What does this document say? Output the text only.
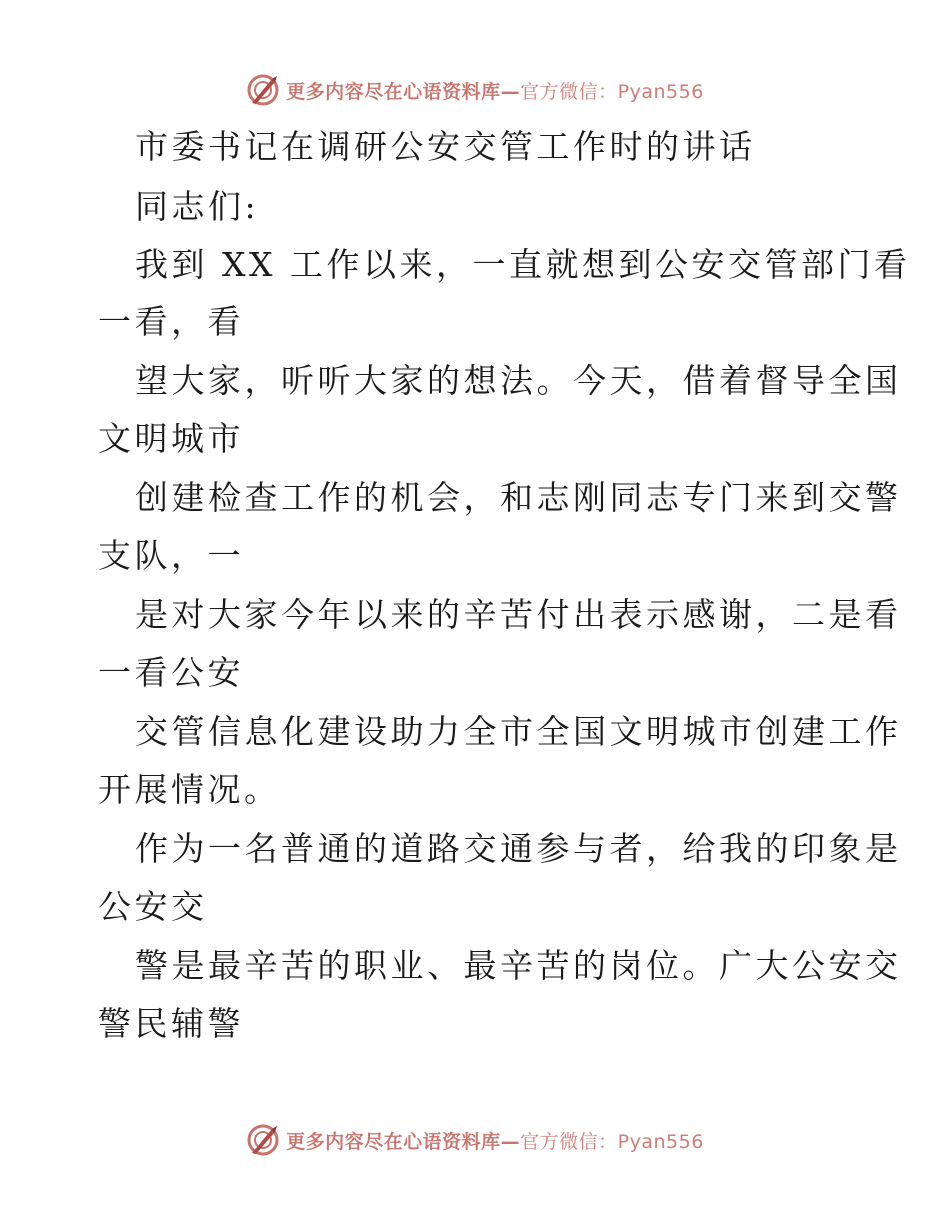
更多内容尽在心语资料库—官方微信：Pyan556
市委书记在调研公安交管工作时的讲话
同志们:
我到 XX 工作以来，一直就想到公安交管部门看
一看，看
望大家，听听大家的想法。今天，借着督导全国
文明城市
创建检查工作的机会，和志刚同志专门来到交警
支队，一
是对大家今年以来的辛苦付出表示感谢，二是看
一看公安
交管信息化建设助力全市全国文明城市创建工作
开展情况。
作为一名普通的道路交通参与者，给我的印象是
公安交
警是最辛苦的职业、最辛苦的岗位。广大公安交
警民辅警
更多内容尽在心语资料库—官方微信：Pyan556
